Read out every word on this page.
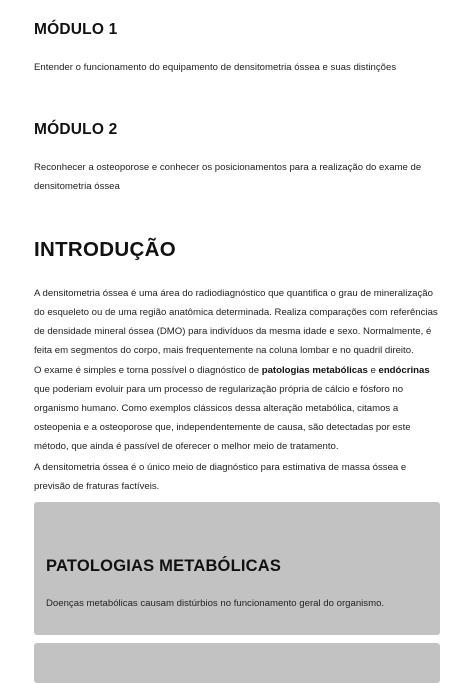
MÓDULO 1

Entender o funcionamento do equipamento de densitometria óssea e suas distinções

MÓDULO 2

Reconhecer a osteoporose e conhecer os posicionamentos para a realização do exame de densitometria óssea

INTRODUÇÃO

A densitometria óssea é uma área do radiodiagnóstico que quantifica o grau de mineralização do esqueleto ou de uma região anatômica determinada. Realiza comparações com referências de densidade mineral óssea (DMO) para indivíduos da mesma idade e sexo. Normalmente, é feita em segmentos do corpo, mais frequentemente na coluna lombar e no quadril direito.

O exame é simples e torna possível o diagnóstico de patologias metabólicas e endócrinas que poderiam evoluir para um processo de regularização própria de cálcio e fósforo no organismo humano. Como exemplos clássicos dessa alteração metabólica, citamos a osteopenia e a osteoporose que, independentemente de causa, são detectadas por este método, que ainda é passível de oferecer o melhor meio de tratamento.

A densitometria óssea é o único meio de diagnóstico para estimativa de massa óssea e previsão de fraturas factíveis.

PATOLOGIAS METABÓLICAS

Doenças metabólicas causam distúrbios no funcionamento geral do organismo.
